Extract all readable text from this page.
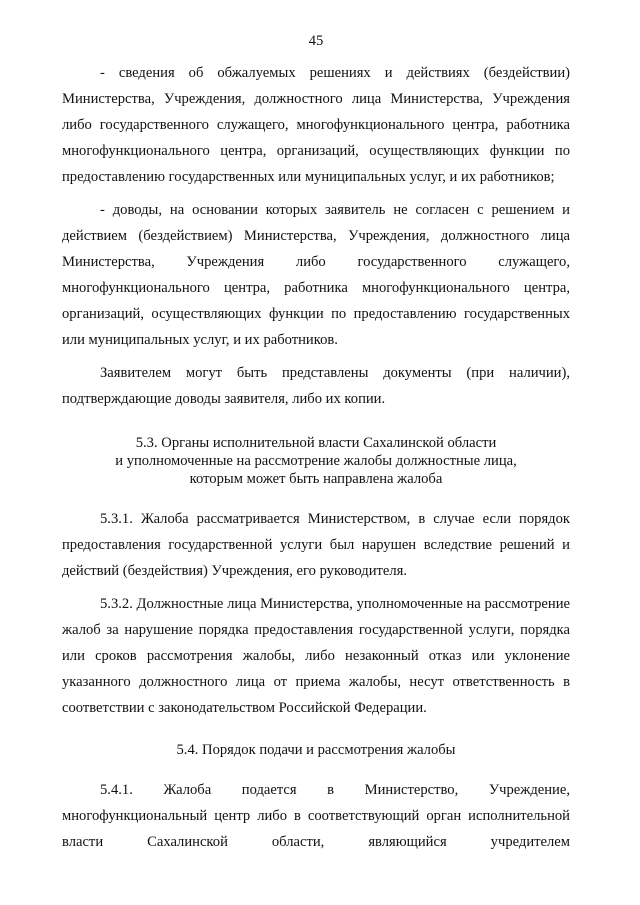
45

- сведения об обжалуемых решениях и действиях (бездействии) Министерства, Учреждения, должностного лица Министерства, Учреждения либо государственного служащего, многофункционального центра, работника многофункционального центра, организаций, осуществляющих функции по предоставлению государственных или муниципальных услуг, и их работников;

- доводы, на основании которых заявитель не согласен с решением и действием (бездействием) Министерства, Учреждения, должностного лица Министерства, Учреждения либо государственного служащего, многофункционального центра, работника многофункционального центра, организаций, осуществляющих функции по предоставлению государственных или муниципальных услуг, и их работников.

Заявителем могут быть представлены документы (при наличии), подтверждающие доводы заявителя, либо их копии.

5.3. Органы исполнительной власти Сахалинской области
и уполномоченные на рассмотрение жалобы должностные лица,
которым может быть направлена жалоба

5.3.1. Жалоба рассматривается Министерством, в случае если порядок предоставления государственной услуги был нарушен вследствие решений и действий (бездействия) Учреждения, его руководителя.

5.3.2. Должностные лица Министерства, уполномоченные на рассмотрение жалоб за нарушение порядка предоставления государственной услуги, порядка или сроков рассмотрения жалобы, либо незаконный отказ или уклонение указанного должностного лица от приема жалобы, несут ответственность в соответствии с законодательством Российской Федерации.

5.4. Порядок подачи и рассмотрения жалобы

5.4.1. Жалоба подается в Министерство, Учреждение, многофункциональный центр либо в соответствующий орган исполнительной власти Сахалинской области, являющийся учредителем
